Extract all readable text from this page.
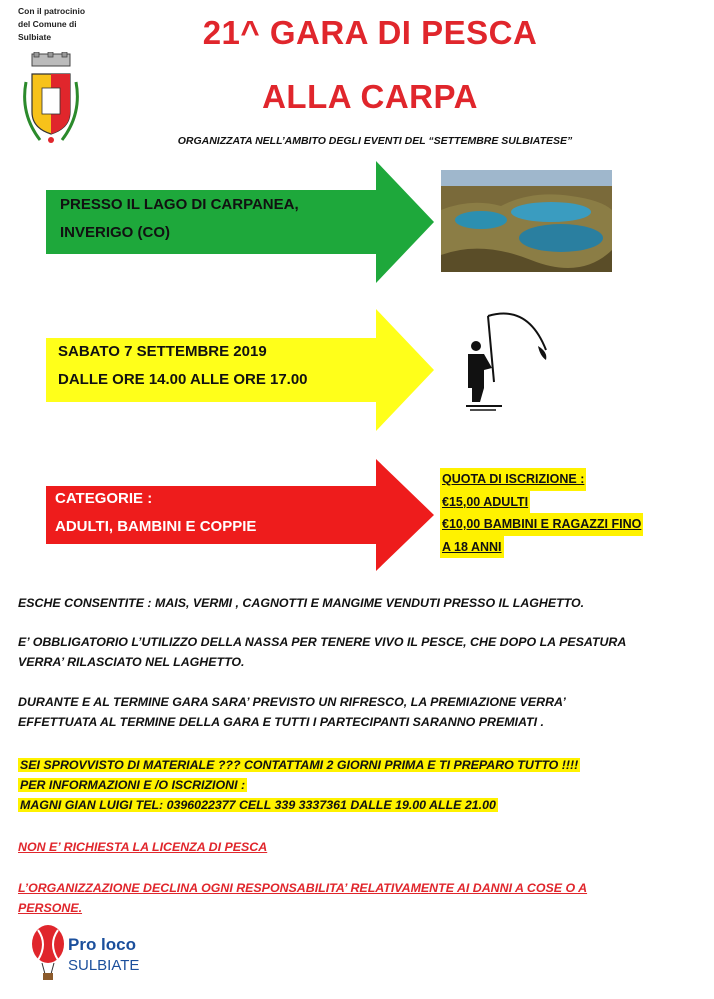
Con il patrocinio
del Comune di
Sulbiate	21^ GARA DI PESCA
ALLA CARPA
ORGANIZZATA NELL’AMBITO DEGLI EVENTI DEL “SETTEMBRE SULBIATESE”
PRESSO IL LAGO DI CARPANEA,
INVERIGO (CO)
SABATO 7 SETTEMBRE 2019
DALLE ORE 14.00 ALLE ORE 17.00
CATEGORIE :
ADULTI, BAMBINI E COPPIE
QUOTA DI ISCRIZIONE :
€15,00 ADULTI
€10,00 BAMBINI E RAGAZZI FINO
A 18 ANNI
ESCHE CONSENTITE : MAIS, VERMI , CAGNOTTI E MANGIME VENDUTI PRESSO IL LAGHETTO.
E’ OBBLIGATORIO L’UTILIZZO DELLA NASSA PER TENERE VIVO IL PESCE, CHE DOPO LA PESATURA
VERRA’ RILASCIATO NEL LAGHETTO.
DURANTE E AL TERMINE GARA SARA’ PREVISTO UN RIFRESCO, LA PREMIAZIONE VERRA’
EFFETTUATA AL TERMINE DELLA GARA E TUTTI I PARTECIPANTI SARANNO PREMIATI .
SEI SPROVVISTO DI MATERIALE ??? CONTATTAMI 2 GIORNI PRIMA E TI PREPARO TUTTO !!!!
PER INFORMAZIONI E /O ISCRIZIONI :
MAGNI GIAN LUIGI TEL: 0396022377 CELL 339 3337361 DALLE 19.00 ALLE 21.00
NON E’ RICHIESTA LA LICENZA DI PESCA
L’ORGANIZZAZIONE DECLINA OGNI RESPONSABILITA’ RELATIVAMENTE AI DANNI A COSE O A
PERSONE.
Pro loco
SULBIATE
